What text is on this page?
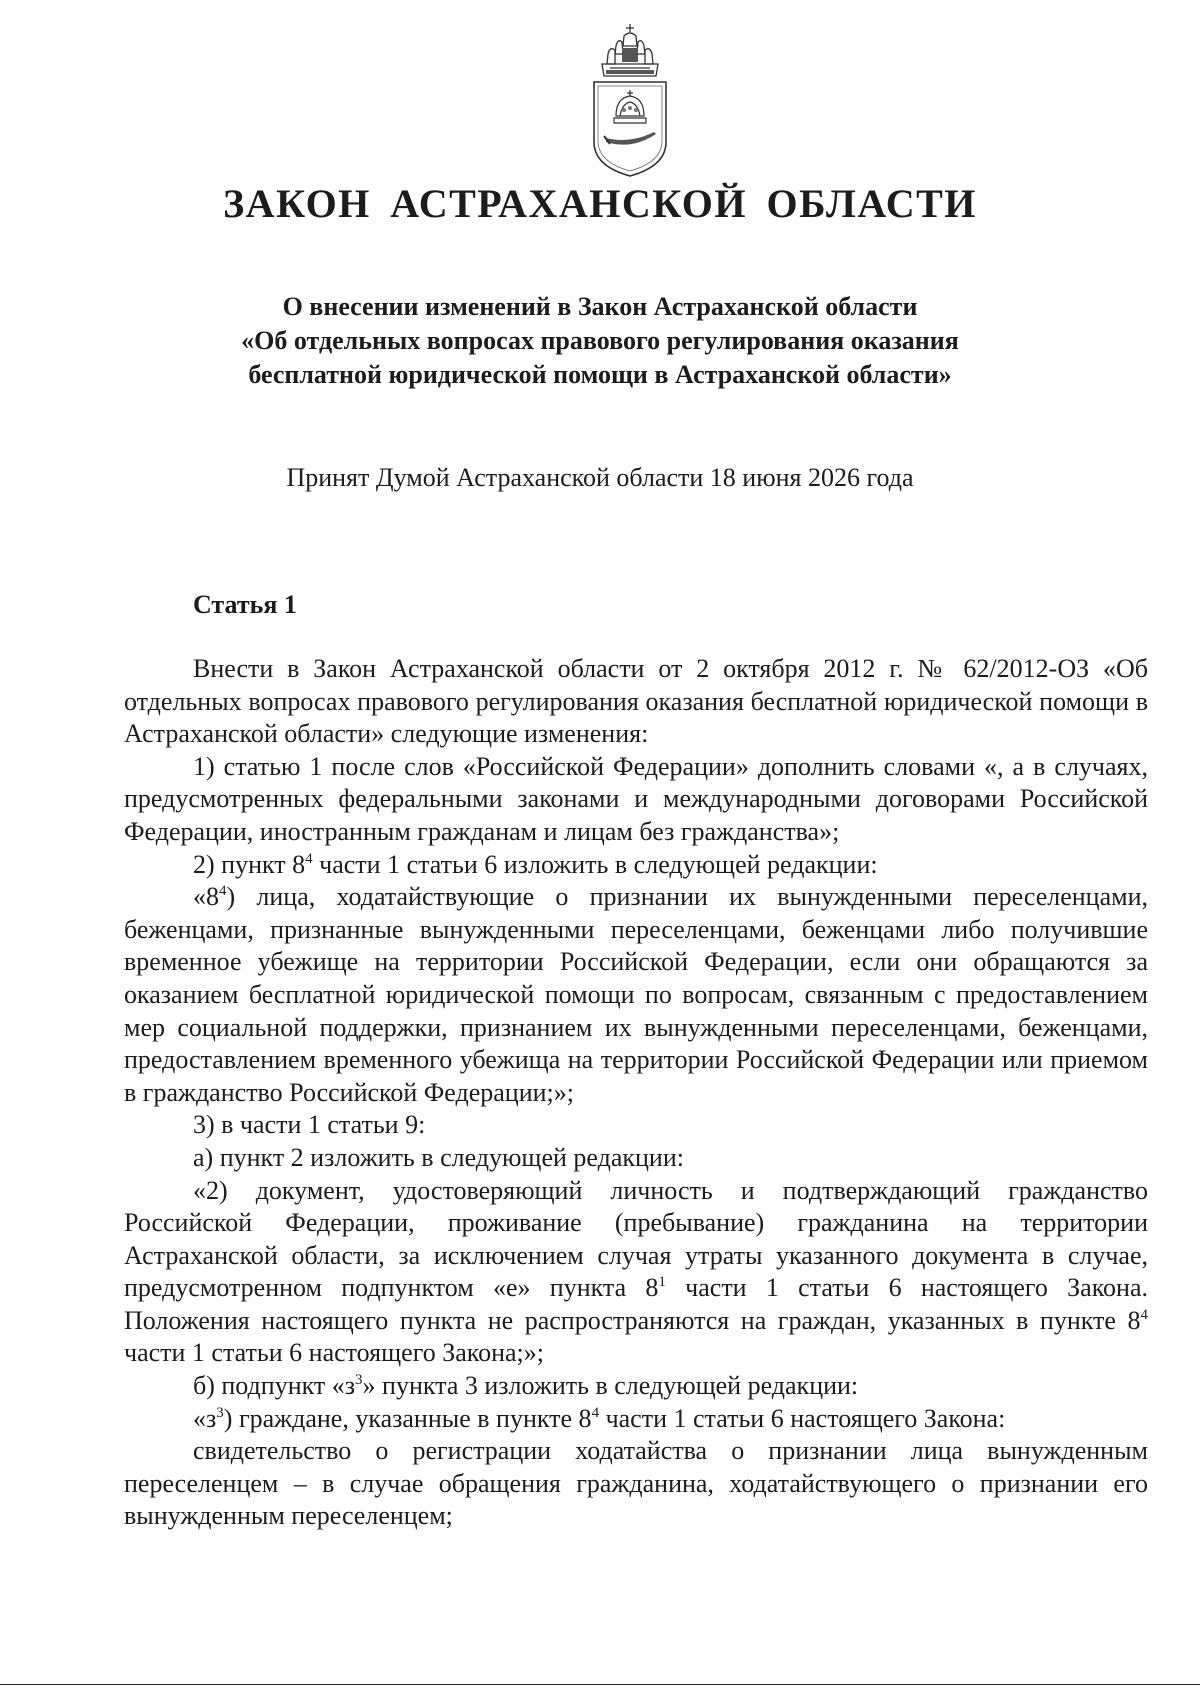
ЗАКОН АСТРАХАНСКОЙ ОБЛАСТИ
О внесении изменений в Закон Астраханской области
«Об отдельных вопросах правового регулирования оказания
бесплатной юридической помощи в Астраханской области»
Принят Думой Астраханской области 18 июня 2026 года
Статья 1

Внести в Закон Астраханской области от 2 октября 2012 г. № 62/2012-ОЗ «Об отдельных вопросах правового регулирования оказания бесплатной юридической помощи в Астраханской области» следующие изменения:

1) статью 1 после слов «Российской Федерации» дополнить словами «, а в случаях, предусмотренных федеральными законами и международными договорами Российской Федерации, иностранным гражданам и лицам без гражданства»;

2) пункт $8^4$ части 1 статьи 6 изложить в следующей редакции:

«$8^4$) лица, ходатайствующие о признании их вынужденными переселенцами, беженцами, признанные вынужденными переселенцами, беженцами либо получившие временное убежище на территории Российской Федерации, если они обращаются за оказанием бесплатной юридической помощи по вопросам, связанным с предоставлением мер социальной поддержки, признанием их вынужденными переселенцами, беженцами, предоставлением временного убежища на территории Российской Федерации или приемом в гражданство Российской Федерации;»;

3) в части 1 статьи 9:

а) пункт 2 изложить в следующей редакции:

«2) документ, удостоверяющий личность и подтверждающий гражданство Российской Федерации, проживание (пребывание) гражданина на территории Астраханской области, за исключением случая утраты указанного документа в случае, предусмотренном подпунктом «е» пункта $8^1$ части 1 статьи 6 настоящего Закона. Положения настоящего пункта не распространяются на граждан, указанных в пункте $8^4$ части 1 статьи 6 настоящего Закона;»;

б) подпункт «$з^3$» пункта 3 изложить в следующей редакции:

«$з^3$) граждане, указанные в пункте $8^4$ части 1 статьи 6 настоящего Закона:

свидетельство о регистрации ходатайства о признании лица вынужденным переселенцем – в случае обращения гражданина, ходатайствующего о признании его вынужденным переселенцем;
